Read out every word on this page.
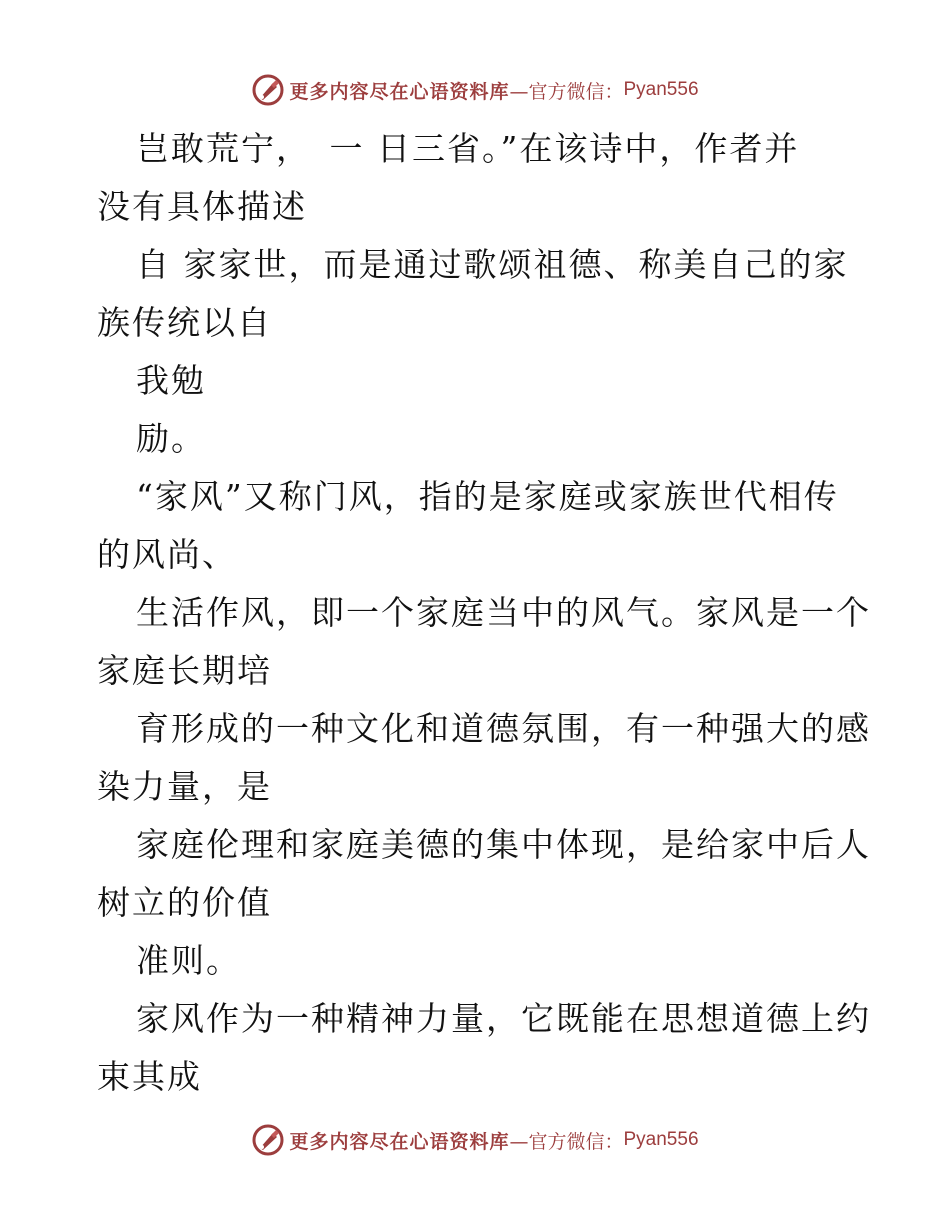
更多内容尽在心语资料库 —官方微信： Pyan556
岂敢荒宁，　一 日三省。”在该诗中，作者并
没有具体描述
自 家家世，而是通过歌颂祖德、称美自己的家
族传统以自
我勉
励。
“家风”又称门风，指的是家庭或家族世代相传
的风尚、
生活作风，即一个家庭当中的风气。家风是一个
家庭长期培
育形成的一种文化和道德氛围，有一种强大的感
染力量，是
家庭伦理和家庭美德的集中体现，是给家中后人
树立的价值
准则。
家风作为一种精神力量，它既能在思想道德上约
束其成
更多内容尽在心语资料库 —官方微信： Pyan556
